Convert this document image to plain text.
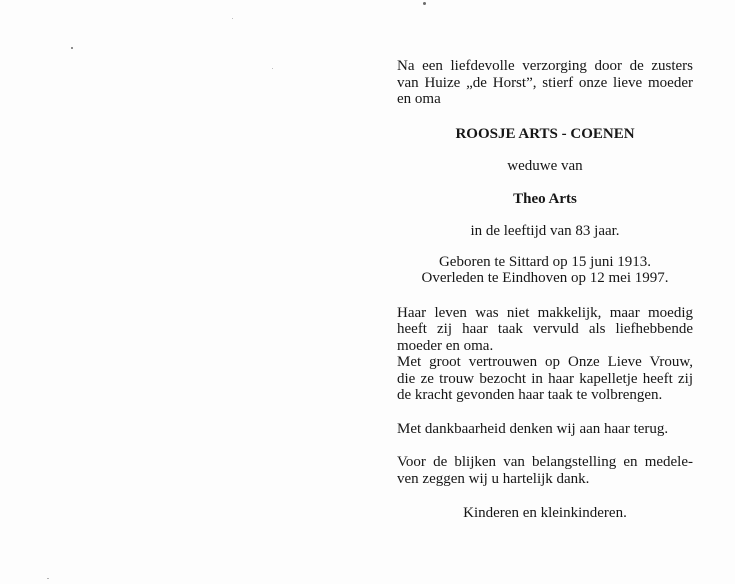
Na een liefdevolle verzorging door de zusters

van Huize „de Horst”, stierf onze lieve moeder

en oma

ROOSJE ARTS - COENEN

weduwe van

Theo Arts

in de leeftijd van 83 jaar.

Geboren te Sittard op 15 juni 1913.

Overleden te Eindhoven op 12 mei 1997.

Haar leven was niet makkelijk, maar moedig

heeft zij haar taak vervuld als liefhebbende

moeder en oma.

Met groot vertrouwen op Onze Lieve Vrouw,

die ze trouw bezocht in haar kapelletje heeft zij

de kracht gevonden haar taak te volbrengen.

Met dankbaarheid denken wij aan haar terug.

Voor de blijken van belangstelling en medele-

ven zeggen wij u hartelijk dank.

Kinderen en kleinkinderen.
